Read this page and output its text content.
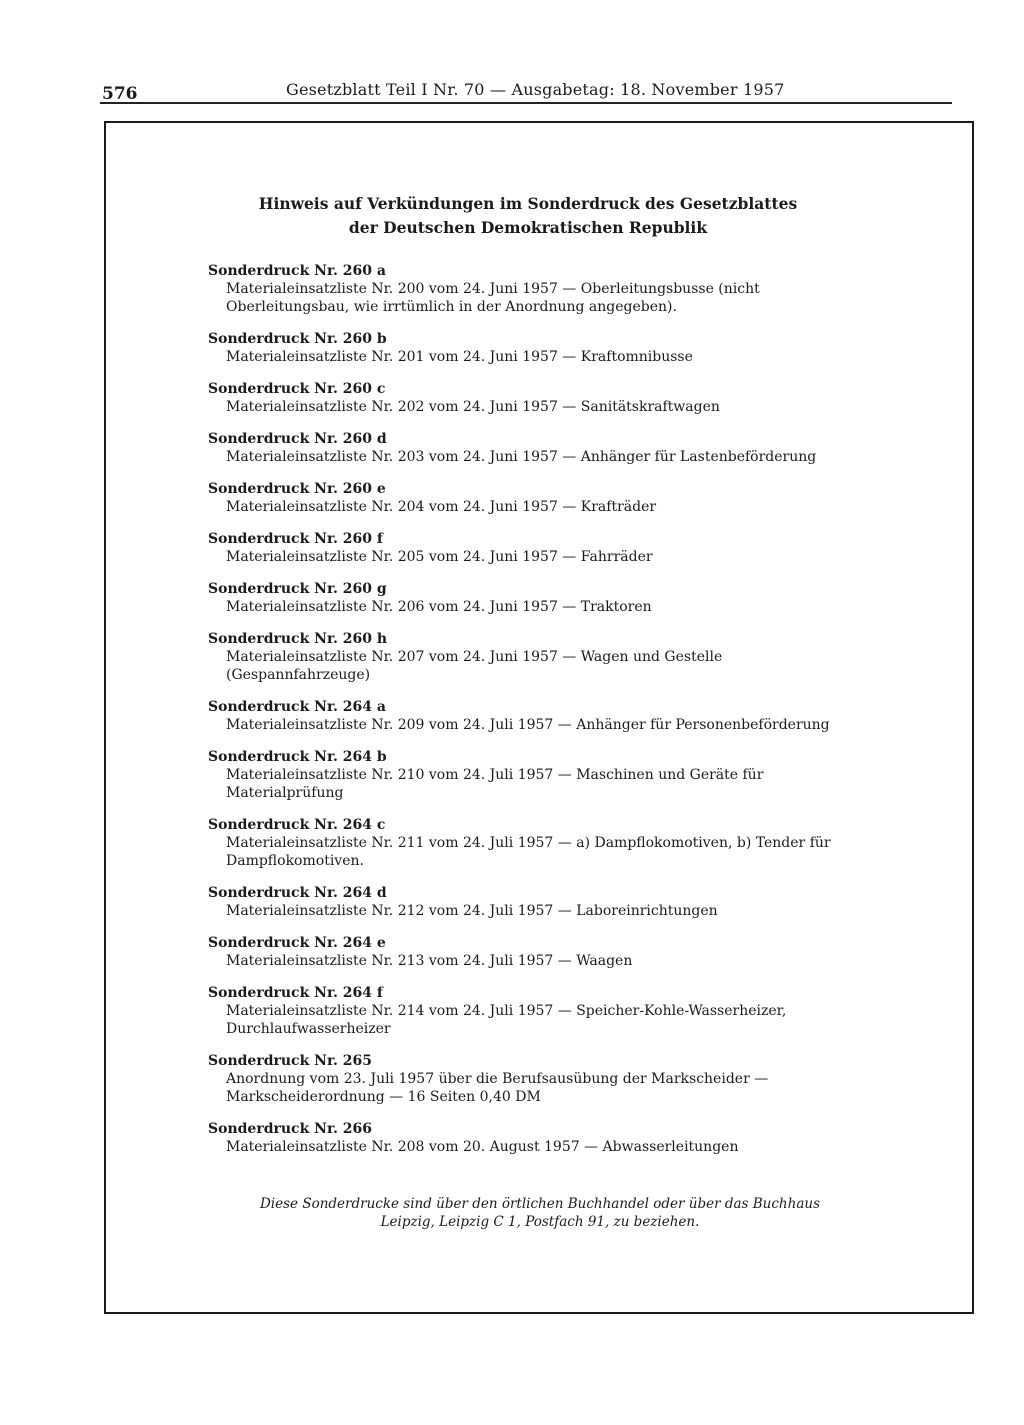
576	Gesetzblatt Teil I Nr. 70 — Ausgabetag: 18. November 1957
Hinweis auf Verkündungen im Sonderdruck des Gesetzblattes
der Deutschen Demokratischen Republik
Sonderdruck Nr. 260 a
Materialeinsatzliste Nr. 200 vom 24. Juni 1957 — Oberleitungsbusse (nicht Oberleitungsbau, wie irrtümlich in der Anordnung angegeben).
Sonderdruck Nr. 260 b
Materialeinsatzliste Nr. 201 vom 24. Juni 1957 — Kraftomnibusse
Sonderdruck Nr. 260 c
Materialeinsatzliste Nr. 202 vom 24. Juni 1957 — Sanitätskraftwagen
Sonderdruck Nr. 260 d
Materialeinsatzliste Nr. 203 vom 24. Juni 1957 — Anhänger für Lastenbeförderung
Sonderdruck Nr. 260 e
Materialeinsatzliste Nr. 204 vom 24. Juni 1957 — Krafträder
Sonderdruck Nr. 260 f
Materialeinsatzliste Nr. 205 vom 24. Juni 1957 — Fahrräder
Sonderdruck Nr. 260 g
Materialeinsatzliste Nr. 206 vom 24. Juni 1957 — Traktoren
Sonderdruck Nr. 260 h
Materialeinsatzliste Nr. 207 vom 24. Juni 1957 — Wagen und Gestelle (Gespannfahrzeuge)
Sonderdruck Nr. 264 a
Materialeinsatzliste Nr. 209 vom 24. Juli 1957 — Anhänger für Personenbeförderung
Sonderdruck Nr. 264 b
Materialeinsatzliste Nr. 210 vom 24. Juli 1957 — Maschinen und Geräte für Materialprüfung
Sonderdruck Nr. 264 c
Materialeinsatzliste Nr. 211 vom 24. Juli 1957 — a) Dampflokomotiven, b) Tender für Dampflokomotiven.
Sonderdruck Nr. 264 d
Materialeinsatzliste Nr. 212 vom 24. Juli 1957 — Laboreinrichtungen
Sonderdruck Nr. 264 e
Materialeinsatzliste Nr. 213 vom 24. Juli 1957 — Waagen
Sonderdruck Nr. 264 f
Materialeinsatzliste Nr. 214 vom 24. Juli 1957 — Speicher-Kohle-Wasserheizer, Durchlaufwasserheizer
Sonderdruck Nr. 265
Anordnung vom 23. Juli 1957 über die Berufsausübung der Markscheider — Markscheiderordnung — 16 Seiten 0,40 DM
Sonderdruck Nr. 266
Materialeinsatzliste Nr. 208 vom 20. August 1957 — Abwasserleitungen
Diese Sonderdrucke sind über den örtlichen Buchhandel oder über das Buchhaus
Leipzig, Leipzig C 1, Postfach 91, zu beziehen.
